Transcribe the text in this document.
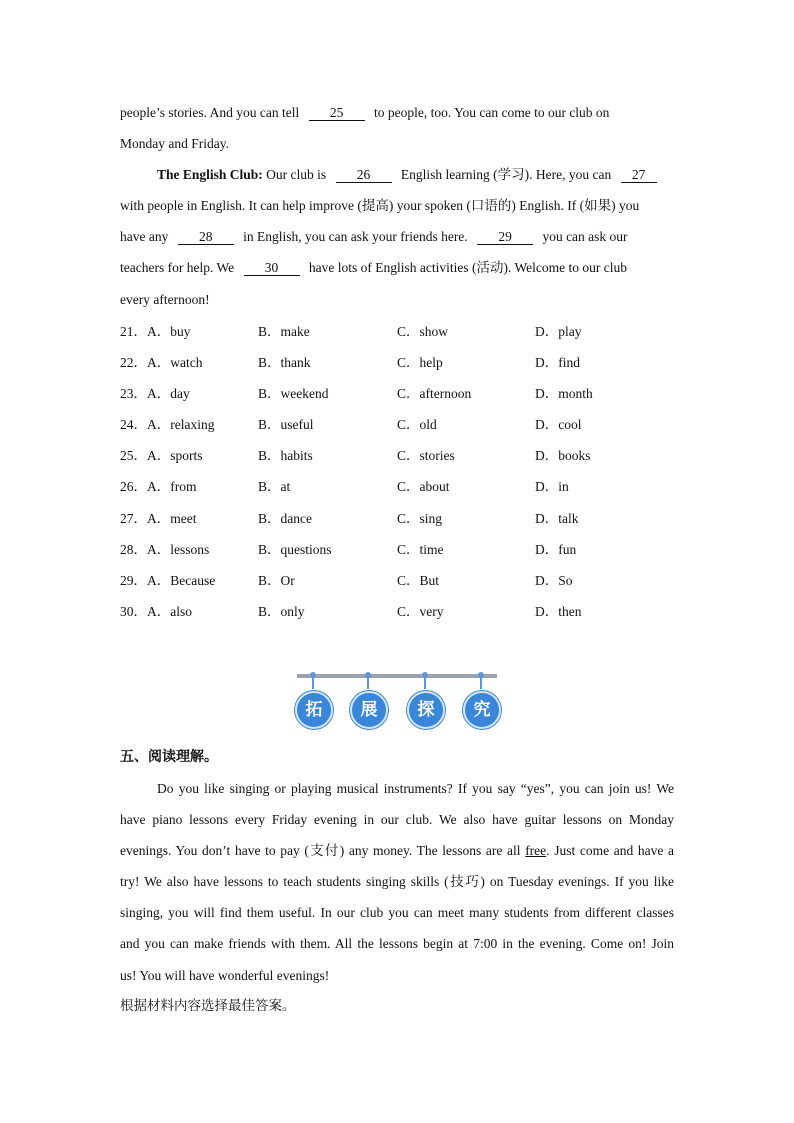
people’s stories. And you can tell 25 to people, too. You can come to our club on
Monday and Friday.
The English Club: Our club is 26 English learning (学习). Here, you can 27
with people in English. It can help improve (提高) your spoken (口语的) English. If (如果) you
have any 28 in English, you can ask your friends here. 29 you can ask our
teachers for help. We 30 have lots of English activities (活动). Welcome to our club
every afternoon!
21．A．buy	B．make	C．show	D．play
22．A．watch	B．thank	C．help	D．find
23．A．day	B．weekend	C．afternoon	D．month
24．A．relaxing	B．useful	C．old	D．cool
25．A．sports	B．habits	C．stories	D．books
26．A．from	B．at	C．about	D．in
27．A．meet	B．dance	C．sing	D．talk
28．A．lessons	B．questions	C．time	D．fun
29．A．Because	B．Or	C．But	D．So
30．A．also	B．only	C．very	D．then
拓	展	探	究
五、阅读理解。
Do you like singing or playing musical instruments? If you say “yes”, you can join us! We
have piano lessons every Friday evening in our club. We also have guitar lessons on Monday
evenings. You don’t have to pay (支付) any money. The lessons are all free. Just come and have a
try! We also have lessons to teach students singing skills (技巧) on Tuesday evenings. If you like
singing, you will find them useful. In our club you can meet many students from different classes
and you can make friends with them. All the lessons begin at 7:00 in the evening. Come on! Join
us! You will have wonderful evenings!
根据材料内容选择最佳答案。
